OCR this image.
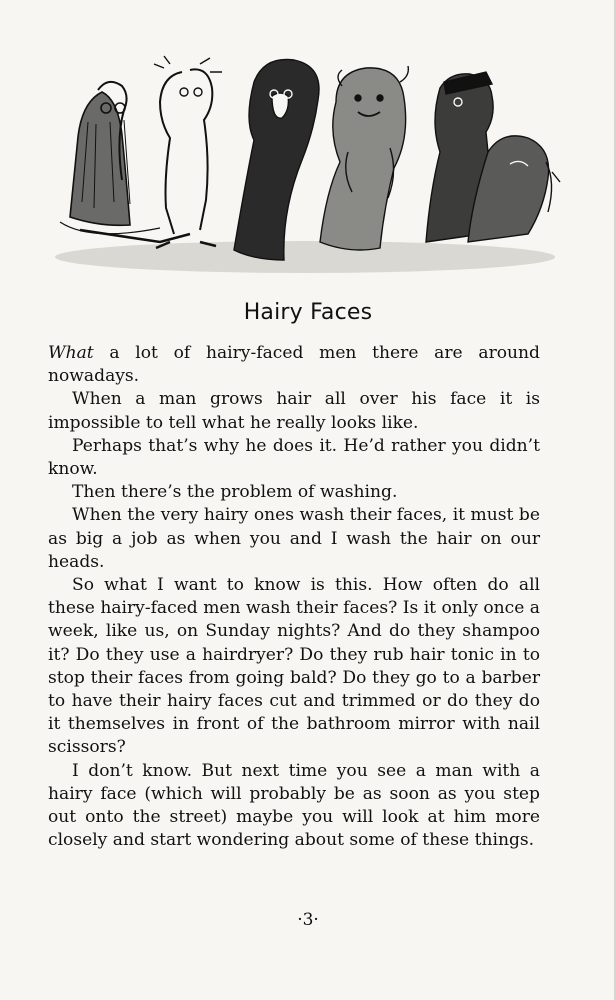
Hairy Faces

What a lot of hairy-faced men there are around nowadays.

When a man grows hair all over his face it is impossible to tell what he really looks like.

Perhaps that’s why he does it. He’d rather you didn’t know.

Then there’s the problem of washing.

When the very hairy ones wash their faces, it must be as big a job as when you and I wash the hair on our heads.

So what I want to know is this. How often do all these hairy-faced men wash their faces? Is it only once a week, like us, on Sunday nights? And do they shampoo it? Do they use a hairdryer? Do they rub hair tonic in to stop their faces from going bald? Do they go to a barber to have their hairy faces cut and trimmed or do they do it themselves in front of the bathroom mirror with nail scissors?

I don’t know. But next time you see a man with a hairy face (which will probably be as soon as you step out onto the street) maybe you will look at him more closely and start wondering about some of these things.

·3·
